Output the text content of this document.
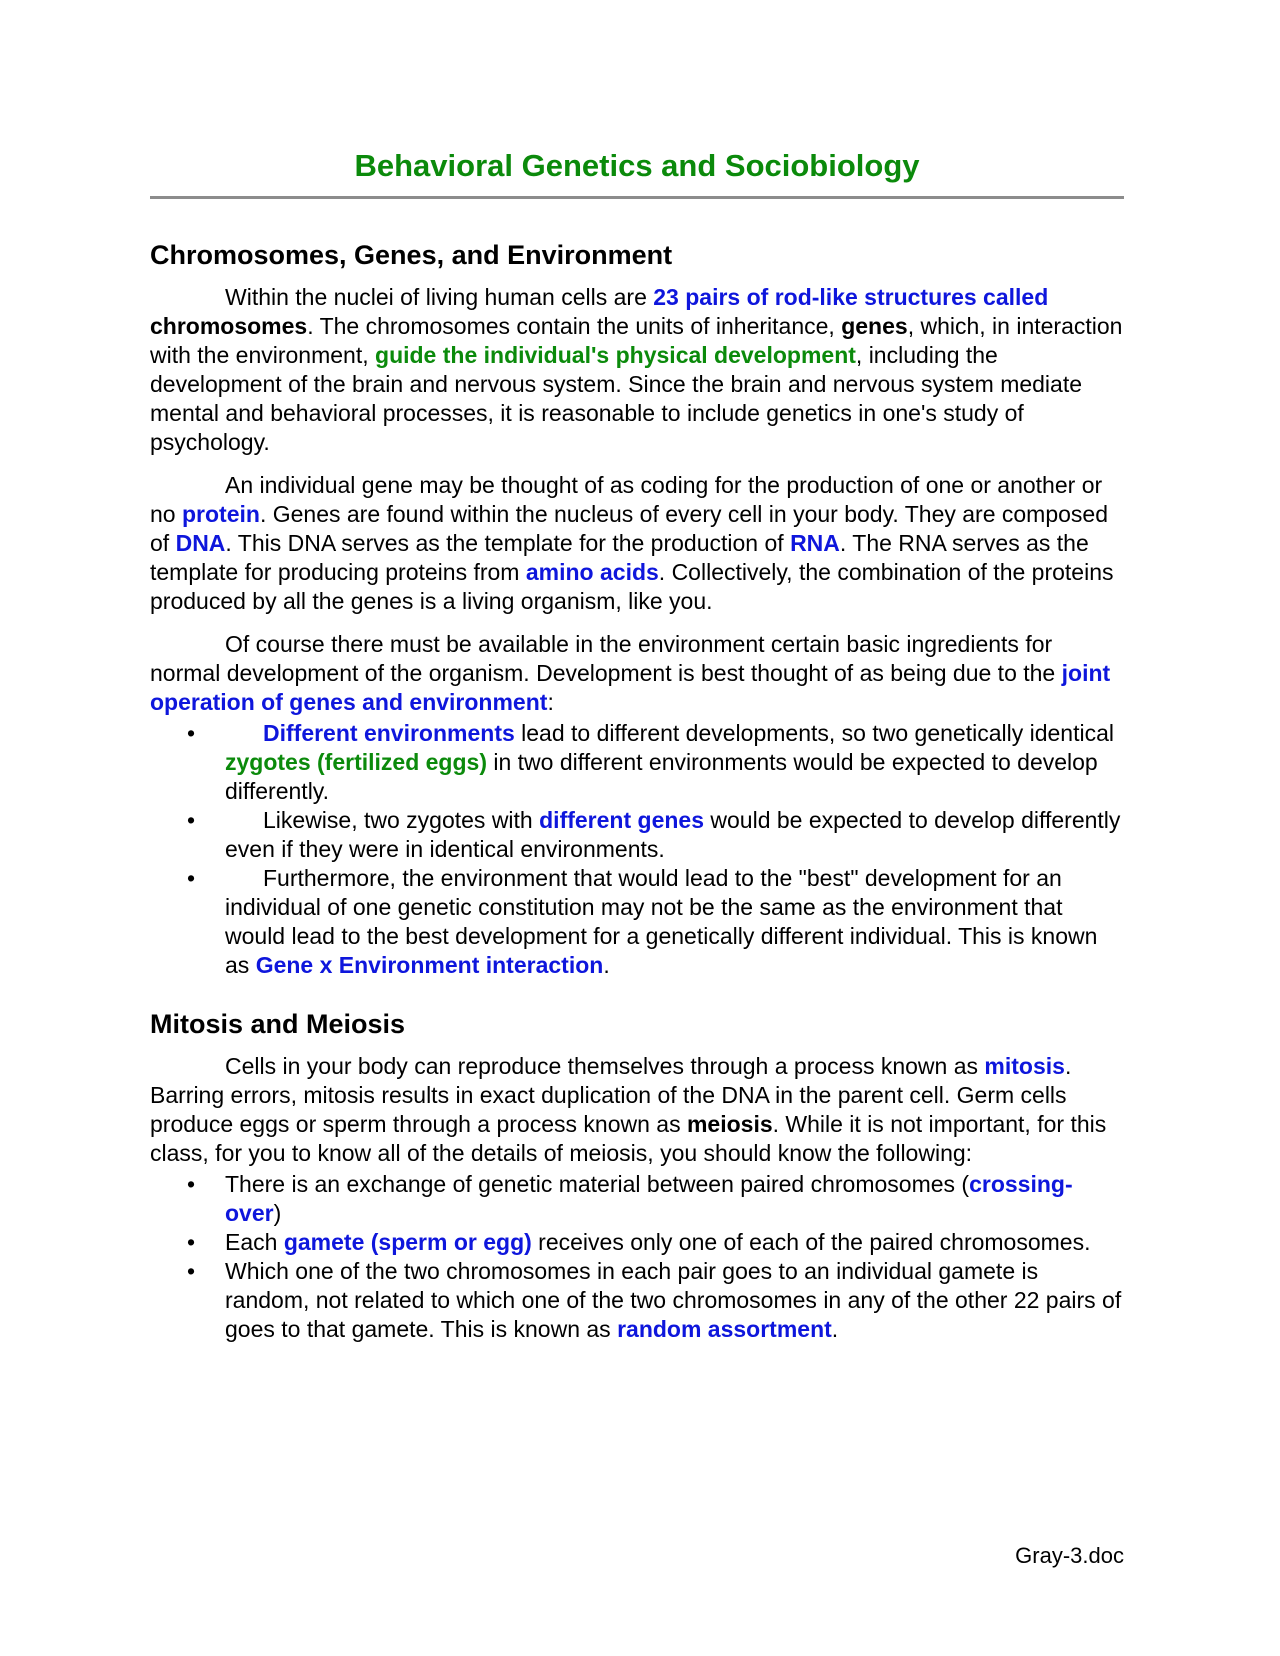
Behavioral Genetics and Sociobiology
Chromosomes, Genes, and Environment

Within the nuclei of living human cells are 23 pairs of rod-like structures called chromosomes. The chromosomes contain the units of inheritance, genes, which, in interaction with the environment, guide the individual's physical development, including the development of the brain and nervous system. Since the brain and nervous system mediate mental and behavioral processes, it is reasonable to include genetics in one's study of psychology.

An individual gene may be thought of as coding for the production of one or another or no protein. Genes are found within the nucleus of every cell in your body. They are composed of DNA. This DNA serves as the template for the production of RNA. The RNA serves as the template for producing proteins from amino acids. Collectively, the combination of the proteins produced by all the genes is a living organism, like you.

Of course there must be available in the environment certain basic ingredients for normal development of the organism. Development is best thought of as being due to the joint operation of genes and environment:

•	Different environments lead to different developments, so two genetically identical zygotes (fertilized eggs) in two different environments would be expected to develop differently.
•	Likewise, two zygotes with different genes would be expected to develop differently even if they were in identical environments.
•	Furthermore, the environment that would lead to the "best" development for an individual of one genetic constitution may not be the same as the environment that would lead to the best development for a genetically different individual. This is known as Gene x Environment interaction.
Mitosis and Meiosis

Cells in your body can reproduce themselves through a process known as mitosis. Barring errors, mitosis results in exact duplication of the DNA in the parent cell. Germ cells produce eggs or sperm through a process known as meiosis. While it is not important, for this class, for you to know all of the details of meiosis, you should know the following:

• There is an exchange of genetic material between paired chromosomes (crossing-over)
• Each gamete (sperm or egg) receives only one of each of the paired chromosomes.
• Which one of the two chromosomes in each pair goes to an individual gamete is random, not related to which one of the two chromosomes in any of the other 22 pairs of goes to that gamete. This is known as random assortment.
Gray-3.doc
